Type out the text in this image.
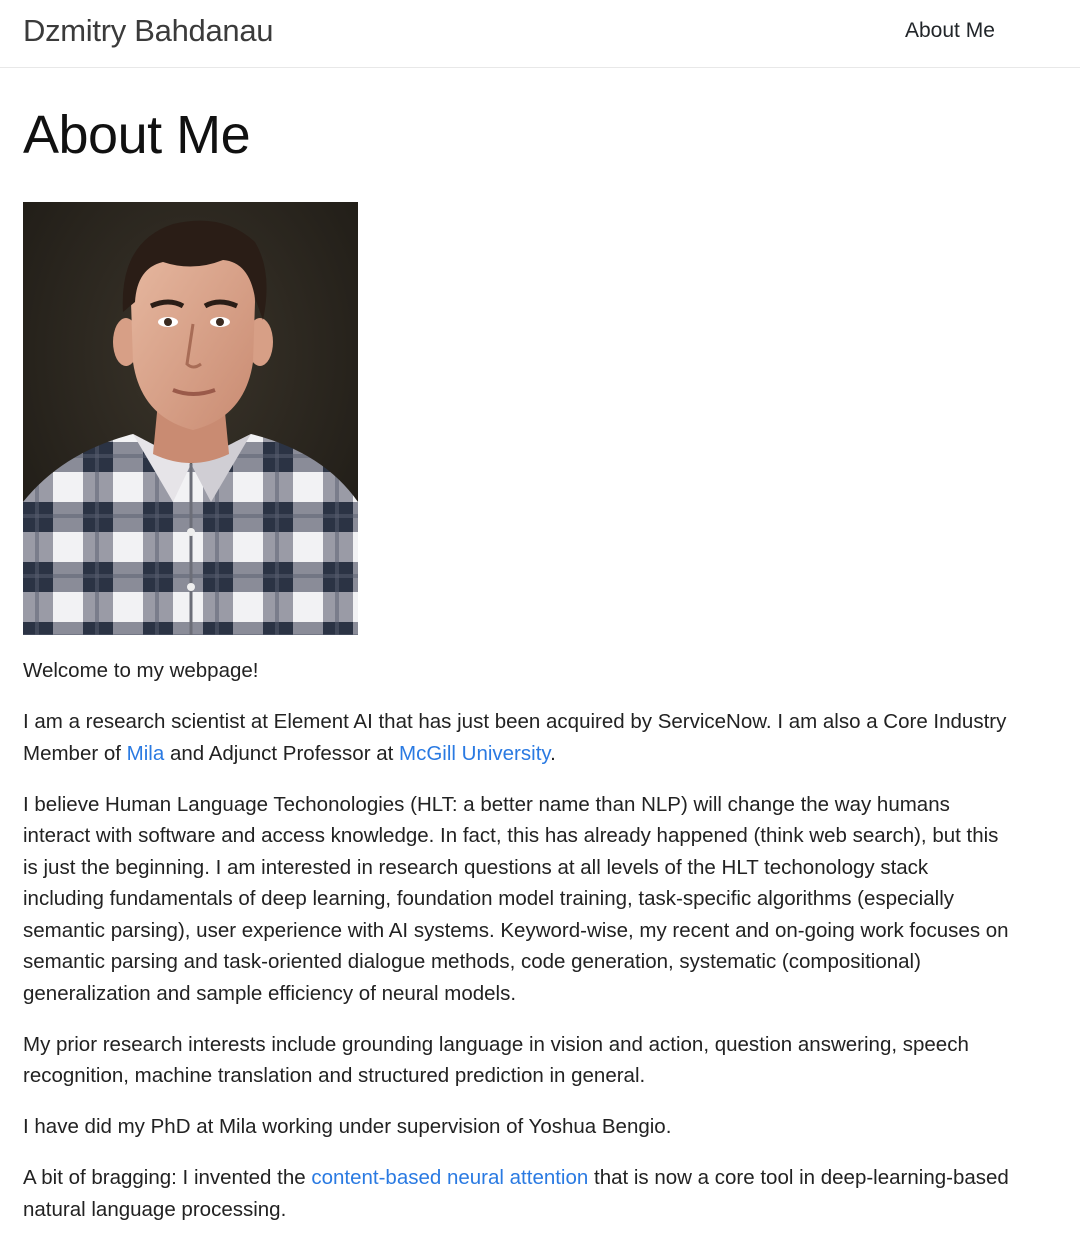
Dzmitry Bahdanau	About Me
About Me

Welcome to my webpage!

I am a research scientist at Element AI that has just been acquired by ServiceNow. I am also a Core Industry Member of Mila and Adjunct Professor at McGill University.

I believe Human Language Techonologies (HLT: a better name than NLP) will change the way humans interact with software and access knowledge. In fact, this has already happened (think web search), but this is just the beginning. I am interested in research questions at all levels of the HLT techonology stack including fundamentals of deep learning, foundation model training, task-specific algorithms (especially semantic parsing), user experience with AI systems. Keyword-wise, my recent and on-going work focuses on semantic parsing and task-oriented dialogue methods, code generation, systematic (compositional) generalization and sample efficiency of neural models.

My prior research interests include grounding language in vision and action, question answering, speech recognition, machine translation and structured prediction in general.

I have did my PhD at Mila working under supervision of Yoshua Bengio.

A bit of bragging: I invented the content-based neural attention that is now a core tool in deep-learning-based natural language processing.
